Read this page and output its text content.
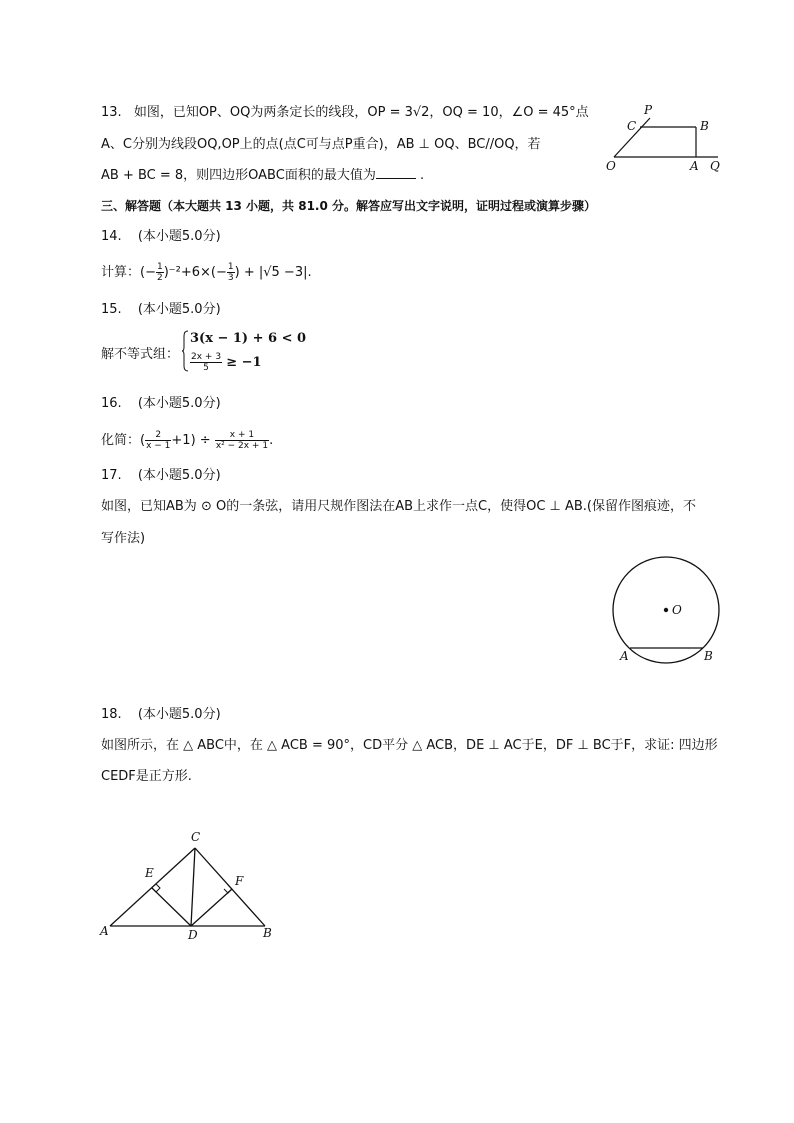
13. 如图，已知OP、OQ为两条定长的线段，OP = 3√2，OQ = 10，∠O = 45°点
A、C分别为线段OQ,OP上的点(点C可与点P重合)，AB ⊥ OQ、BC//OQ，若
AB + BC = 8，则四边形OABC面积的最大值为	.
P
C	B
O	A Q
三、解答题（本大题共 13 小题，共 81.0 分。解答应写出文字说明，证明过程或演算步骤）
14. (本小题5.0分)
计算：(− $\frac{1}{2} )^{-2}+6\times(- \frac{1}{3}$ ) + |√5 −3|.
15. (本小题5.0分)
解不等式组：
3(x − 1) + 6 < 0
$\frac{2x + 3}{5} \ge -1$
16. (本小题5.0分)
化简：( $\frac{2}{x - 1} +1) \div \frac{x + 1}{\text{x² − 2x + 1}}$ .
17. (本小题5.0分)
如图，已知AB为 ⊙ O的一条弦，请用尺规作图法在AB上求作一点C，使得OC ⊥ AB.(保留作图痕迹，不
写作法)
O
A	B
18. (本小题5.0分)
如图所示，在 △ ABC中，在 △ ACB = 90°，CD平分 △ ACB，DE ⊥ AC于E，DF ⊥ BC于F，求证: 四边形
CEDF是正方形.
C
E
F
A	D	B
